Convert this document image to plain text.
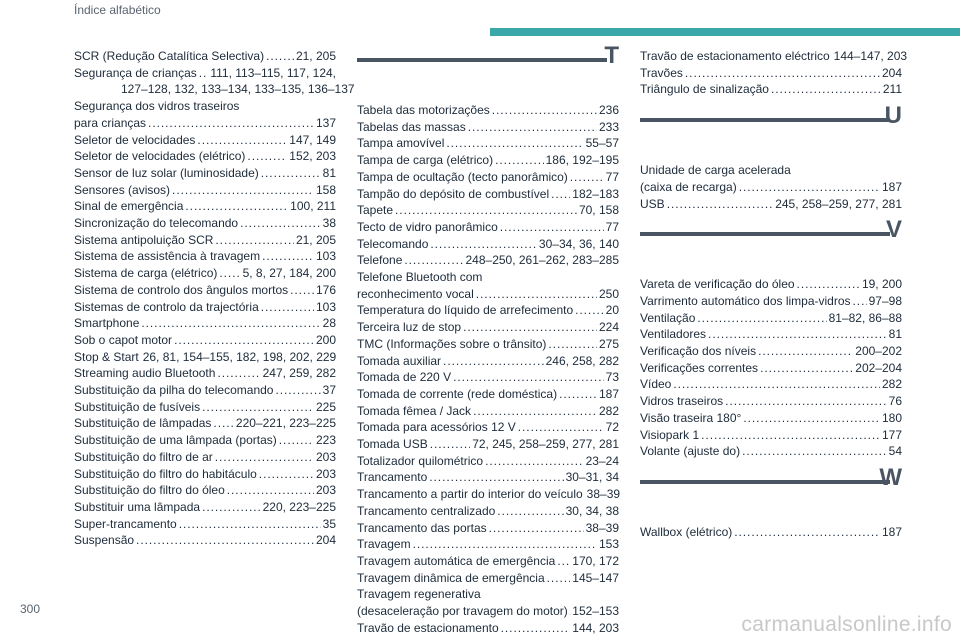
Índice alfabético
SCR (Redução Catalítica Selectiva) . . .	21, 205
Segurança de crianças . . . 111, 113–115, 117, 124,
127–128, 132, 133–134, 133–135, 136–137
Segurança dos vidros traseiros
para crianças . . .	137
Seletor de velocidades . . .	147, 149
Seletor de velocidades (elétrico) . . .	152, 203
Sensor de luz solar (luminosidade) . . .	81
Sensores (avisos) . . .	158
Sinal de emergência . . .	100, 211
Sincronização do telecomando . . .	38
Sistema antipoluição SCR . . .	21, 205
Sistema de assistência à travagem . . .	103
Sistema de carga (elétrico) . . . 5, 8, 27, 184, 200
Sistema de controlo dos ângulos mortos . . . 176
Sistemas de controlo da trajectória . . .	103
Smartphone . . .	28
Sob o capot motor . . .	200
Stop & Start 26, 81, 154–155, 182, 198, 202, 229
Streaming audio Bluetooth . . .	247, 259, 282
Substituição da pilha do telecomando . . .	37
Substituição de fusíveis . . .	225
Substituição de lâmpadas . . . 220–221, 223–225
Substituição de uma lâmpada (portas) . . .	223
Substituição do filtro de ar . . .	203
Substituição do filtro do habitáculo . . .	203
Substituição do filtro do óleo . . .	203
Substituir uma lâmpada . . .	220, 223–225
Super-trancamento . . .	35
Suspensão . . .	204
T
Tabela das motorizações . . .	236
Tabelas das massas . . .	233
Tampa amovível . . .	55–57
Tampa de carga (elétrico) . . .	186, 192–195
Tampa de ocultação (tecto panorâmico) . . .	77
Tampão do depósito de combustível . . . 182–183
Tapete . . .	70, 158
Tecto de vidro panorâmico . . .	77
Telecomando . . .	30–34, 36, 140
Telefone . . .	248–250, 261–262, 283–285
Telefone Bluetooth com
reconhecimento vocal . . .	250
Temperatura do líquido de arrefecimento . . .	20
Terceira luz de stop . . .	224
TMC (Informações sobre o trânsito) . . .	275
Tomada auxiliar . . .	246, 258, 282
Tomada de 220 V . . .	73
Tomada de corrente (rede doméstica) . . .	187
Tomada fêmea / Jack . . .	282
Tomada para acessórios 12 V . . .	72
Tomada USB . . .	72, 245, 258–259, 277, 281
Totalizador quilométrico . . .	23–24
Trancamento . . .	30–31, 34
Trancamento a partir do interior do veículo 38–39
Trancamento centralizado . . .	30, 34, 38
Trancamento das portas . . .	38–39
Travagem . . .	153
Travagem automática de emergência . . . 170, 172
Travagem dinâmica de emergência . . . 145–147
Travagem regenerativa
(desaceleração por travagem do motor) . . . 152–153
Travão de estacionamento . . .	144, 203
Travão de estacionamento eléctrico 144–147, 203
Travões . . .	204
Triângulo de sinalização . . .	211
U
Unidade de carga acelerada
(caixa de recarga) . . .	187
USB . . .	245, 258–259, 277, 281
V
Vareta de verificação do óleo . . .	19, 200
Varrimento automático dos limpa-vidros . . . 97–98
Ventilação . . .	81–82, 86–88
Ventiladores . . .	81
Verificação dos níveis . . .	200–202
Verificações correntes . . .	202–204
Vídeo . . .	282
Vidros traseiros . . .	76
Visão traseira 180° . . .	180
Visiopark 1 . . .	177
Volante (ajuste do) . . .	54
W
Wallbox (elétrico) . . .	187
300
carmanualsonline.info
